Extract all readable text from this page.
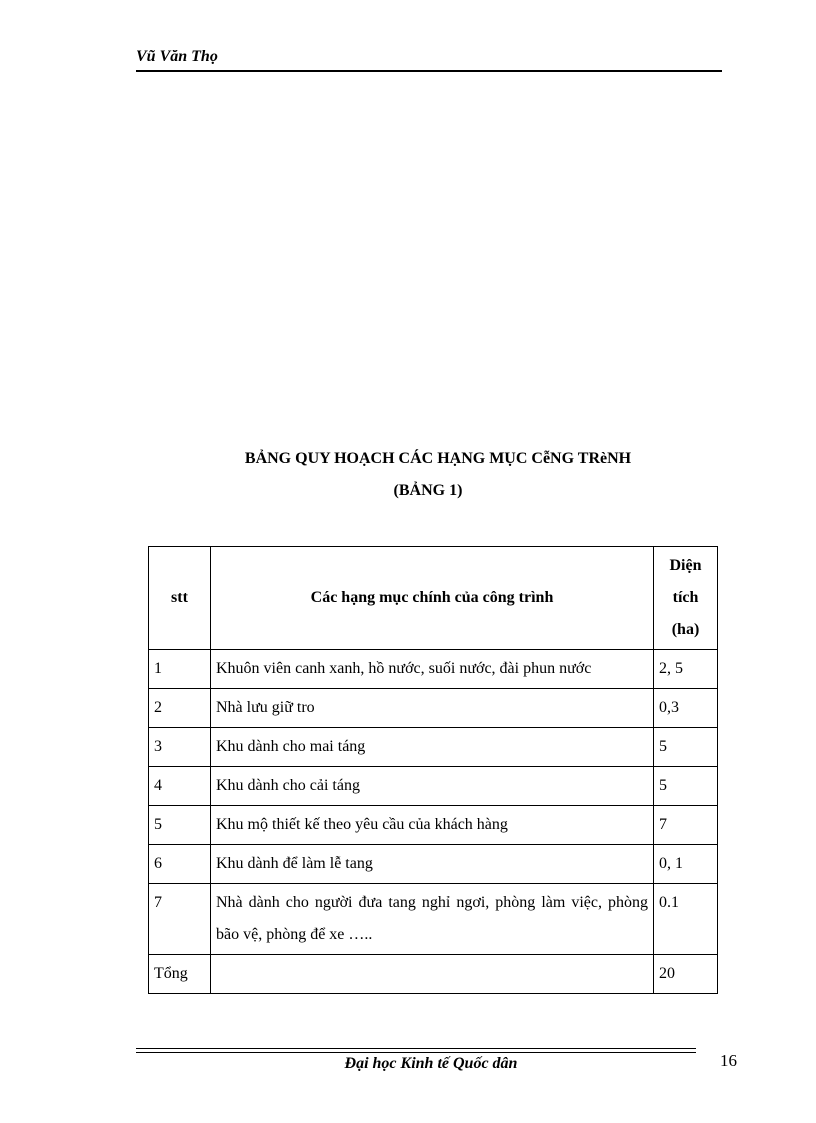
Vũ Văn Thọ
BẢNG QUY HOẠCH CÁC HẠNG MỤC CễNG TRèNH
(BẢNG 1)
stt	Các hạng mục chính của công trình	Diện
tích
(ha)

1	Khuôn viên canh xanh, hồ nước, suối nước, đài phun nước	2, 5
2	Nhà lưu giữ tro	0,3
3	Khu dành cho mai táng	5
4	Khu dành cho cải táng	5
5	Khu mộ thiết kế theo yêu cầu của khách hàng	7
6	Khu dành để làm lễ tang	0, 1
7	Nhà dành cho người đưa tang nghỉ ngơi, phòng làm việc, phòng bão vệ, phòng để xe …..	0.1
Tổng		20
Đại học Kinh tế Quốc dân	16
